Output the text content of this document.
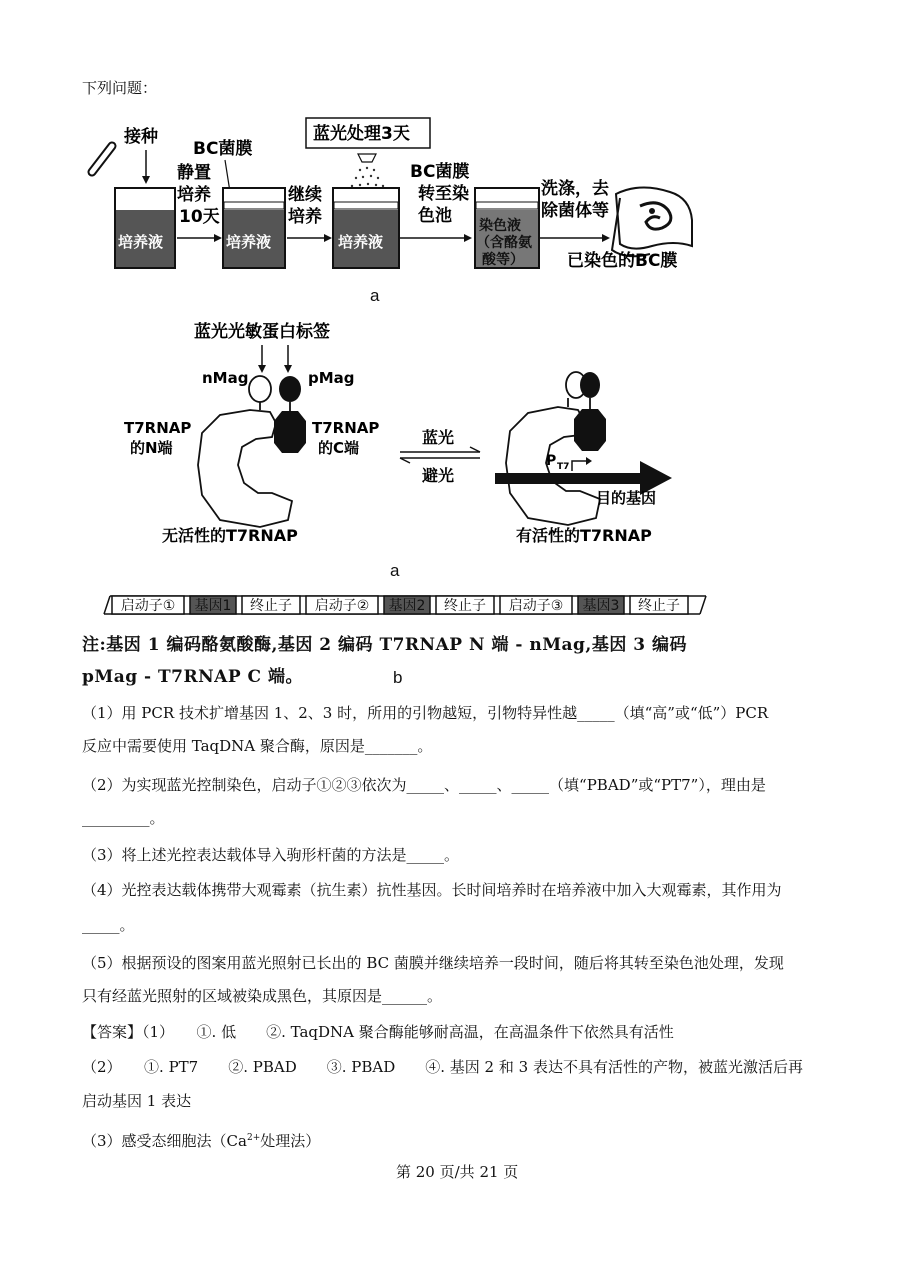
下列问题：
接种
培养液
静置
培养
10天
BC菌膜
培养液
继续
培养
蓝光处理3天
培养液
BC菌膜
转至染
色池 染色液
（含酪氨
酸等）
洗涤，去
除菌体等
已染色的BC膜
a
蓝光光敏蛋白标签
nMag	pMag
T7RNAP
的N端
T7RNAP
的C端
蓝光
避光
P T7
目的基因
无活性的T7RNAP	有活性的T7RNAP
a
启动子① 基因1 终止子 启动子② 基因2 终止子 启动子③ 基因3 终止子
注:基因 1 编码酪氨酸酶,基因 2 编码 T7RNAP N 端 - nMag,基因 3 编码
pMag - T7RNAP C 端。	b
（1）用 PCR 技术扩增基因 1、2、3 时，所用的引物越短，引物特异性越_____（填“高”或“低”）PCR
反应中需要使用 TaqDNA 聚合酶，原因是_______。
（2）为实现蓝光控制染色，启动子①②③依次为_____、_____、_____（填“PBAD”或“PT7”），理由是
_________。
（3）将上述光控表达载体导入驹形杆菌的方法是_____。
（4）光控表达载体携带大观霉素（抗生素）抗性基因。长时间培养时在培养液中加入大观霉素，其作用为
_____。
（5）根据预设的图案用蓝光照射已长出的 BC 菌膜并继续培养一段时间，随后将其转至染色池处理，发现
只有经蓝光照射的区域被染成黑色，其原因是______。
【答案】（1）　　①. 低　　②. TaqDNA 聚合酶能够耐高温，在高温条件下依然具有活性
（2）　　①. PT7　　②. PBAD　　③. PBAD　　④. 基因 2 和 3 表达不具有活性的产物，被蓝光激活后再
启动基因 1 表达
（3）感受态细胞法（$Ca^{2+}$处理法）
第 20 页/共 21 页
